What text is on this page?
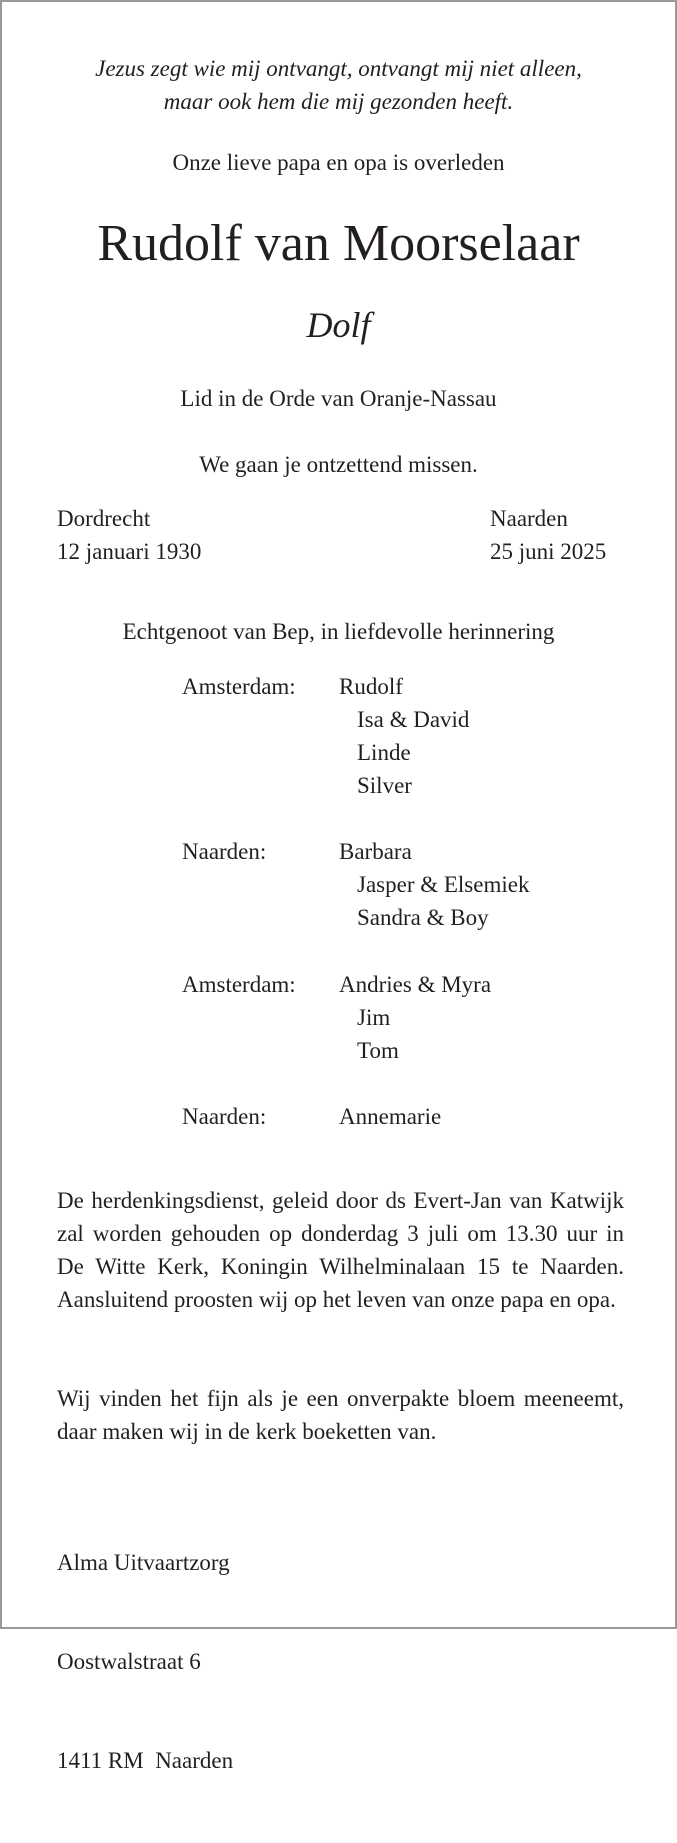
Jezus zegt wie mij ontvangt, ontvangt mij niet alleen,
maar ook hem die mij gezonden heeft.
Onze lieve papa en opa is overleden
Rudolf van Moorselaar
Dolf
Lid in de Orde van Oranje-Nassau
We gaan je ontzettend missen.
Dordrecht
12 januari 1930
Naarden
25 juni 2025
Echtgenoot van Bep, in liefdevolle herinnering
Amsterdam: Rudolf
Isa & David
Linde
Silver
Naarden:	Barbara
Jasper & Elsemiek
Sandra & Boy
Amsterdam: Andries & Myra
Jim
Tom
Naarden:	Annemarie
De herdenkingsdienst, geleid door ds Evert-Jan van Katwijk zal worden gehouden op donderdag 3 juli om 13.30 uur in De Witte Kerk, Koningin Wilhelminalaan 15 te Naarden. Aansluitend proosten wij op het leven van onze papa en opa.
Wij vinden het fijn als je een onverpakte bloem meeneemt, daar maken wij in de kerk boeketten van.

Alma Uitvaartzorg

Oostwalstraat 6

1411 RM  Naarden
